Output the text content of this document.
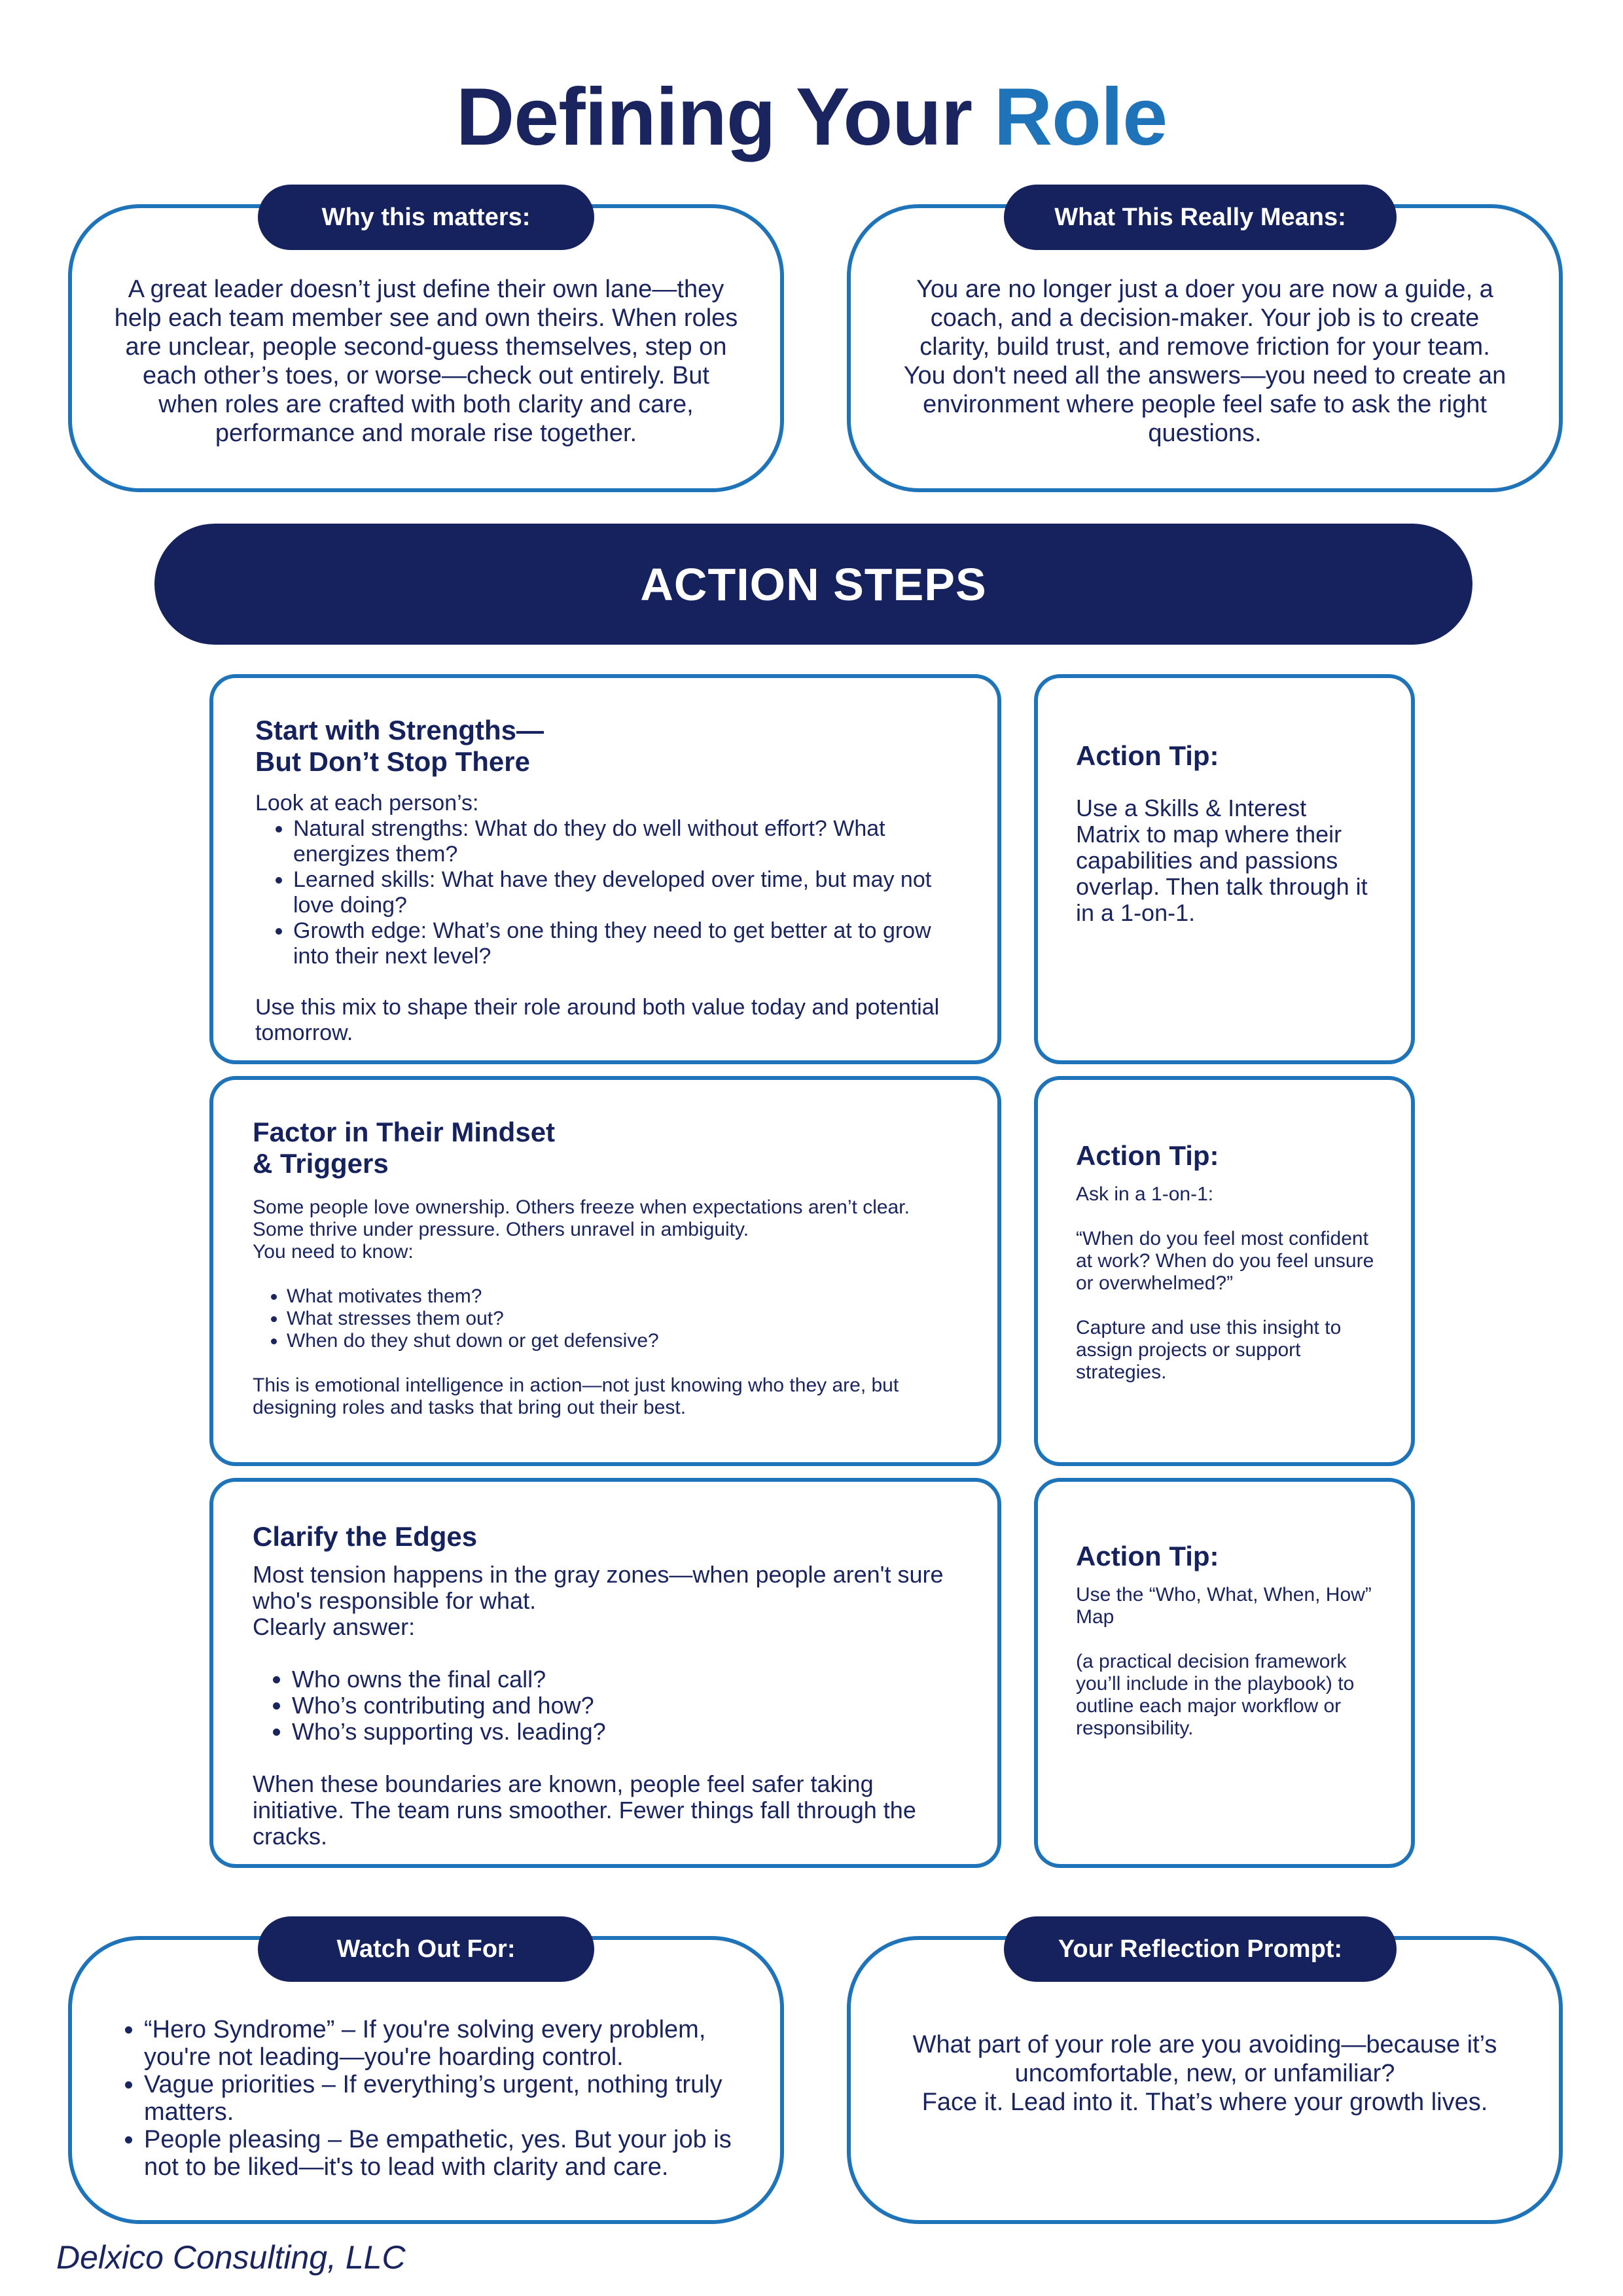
Defining Your Role

A great leader doesn’t just define their own lane—they help each team member see and own theirs. When roles are unclear, people second-guess themselves, step on each other’s toes, or worse—check out entirely. But when roles are crafted with both clarity and care, performance and morale rise together.

Why this matters:

You are no longer just a doer you are now a guide, a coach, and a decision-maker. Your job is to create clarity, build trust, and remove friction for your team. You don't need all the answers—you need to create an environment where people feel safe to ask the right questions.

What This Really Means:
ACTION STEPS
Start with Strengths—
But Don’t Stop There

Look at each person’s:

• Natural strengths: What do they do well without effort? What energizes them?
• Learned skills: What have they developed over time, but may not love doing?
• Growth edge: What’s one thing they need to get better at to grow into their next level?

Use this mix to shape their role around both value today and potential tomorrow.

Action Tip:

Use a Skills & Interest Matrix to map where their capabilities and passions overlap. Then talk through it in a 1-on-1.

Factor in Their Mindset
& Triggers

Some people love ownership. Others freeze when expectations aren’t clear. Some thrive under pressure. Others unravel in ambiguity.

You need to know:

• What motivates them?
• What stresses them out?
• When do they shut down or get defensive?

This is emotional intelligence in action—not just knowing who they are, but designing roles and tasks that bring out their best.

Action Tip:

Ask in a 1-on-1:

“When do you feel most confident at work? When do you feel unsure or overwhelmed?”

Capture and use this insight to assign projects or support strategies.

Clarify the Edges

Most tension happens in the gray zones—when people aren't sure who's responsible for what.

Clearly answer:

• Who owns the final call?
• Who’s contributing and how?
• Who’s supporting vs. leading?

When these boundaries are known, people feel safer taking initiative. The team runs smoother. Fewer things fall through the cracks.

Action Tip:

Use the “Who, What, When, How” Map

(a practical decision framework you’ll include in the playbook) to outline each major workflow or responsibility.

• “Hero Syndrome” – If you're solving every problem, you're not leading—you're hoarding control.
• Vague priorities – If everything’s urgent, nothing truly matters.
• People pleasing – Be empathetic, yes. But your job is not to be liked—it's to lead with clarity and care.
Watch Out For:

What part of your role are you avoiding—because it’s uncomfortable, new, or unfamiliar?

Face it. Lead into it. That’s where your growth lives.

Your Reflection Prompt:
Delxico Consulting, LLC
